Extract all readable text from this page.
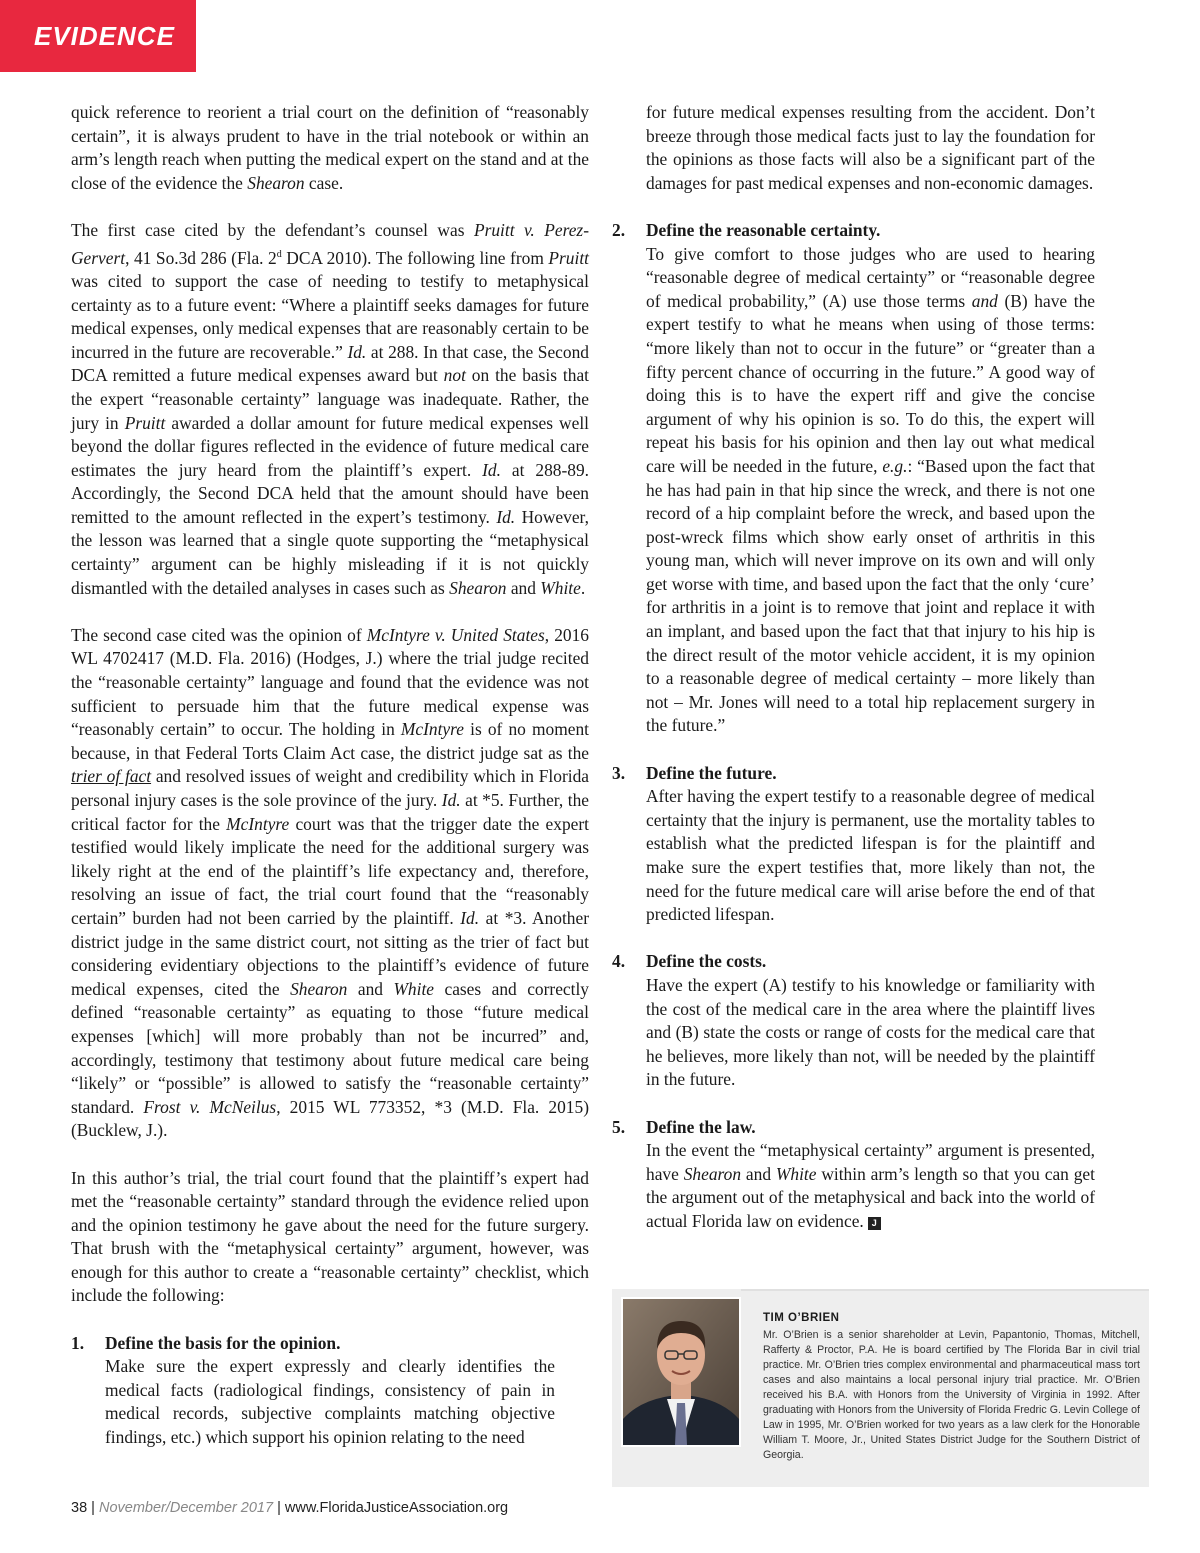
EVIDENCE

quick reference to reorient a trial court on the definition of “reasonably certain”, it is always prudent to have in the trial notebook or within an arm’s length reach when putting the medical expert on the stand and at the close of the evidence the Shearon case.

The first case cited by the defendant’s counsel was Pruitt v. Perez-Gervert, 41 So.3d 286 (Fla. 2$^d$ DCA 2010). The following line from Pruitt was cited to support the case of needing to testify to metaphysical certainty as to a future event: “Where a plaintiff seeks damages for future medical expenses, only medical expenses that are reasonably certain to be incurred in the future are recoverable.” Id. at 288. In that case, the Second DCA remitted a future medical expenses award but not on the basis that the expert “reasonable certainty” language was inadequate. Rather, the jury in Pruitt awarded a dollar amount for future medical expenses well beyond the dollar figures reflected in the evidence of future medical care estimates the jury heard from the plaintiff’s expert. Id. at 288-89. Accordingly, the Second DCA held that the amount should have been remitted to the amount reflected in the expert’s testimony. Id. However, the lesson was learned that a single quote supporting the “metaphysical certainty” argument can be highly misleading if it is not quickly dismantled with the detailed analyses in cases such as Shearon and White.

The second case cited was the opinion of McIntyre v. United States, 2016 WL 4702417 (M.D. Fla. 2016) (Hodges, J.) where the trial judge recited the “reasonable certainty” language and found that the evidence was not sufficient to persuade him that the future medical expense was “reasonably certain” to occur. The holding in McIntyre is of no moment because, in that Federal Torts Claim Act case, the district judge sat as the trier of fact and resolved issues of weight and credibility which in Florida personal injury cases is the sole province of the jury. Id. at *5. Further, the critical factor for the McIntyre court was that the trigger date the expert testified would likely implicate the need for the additional surgery was likely right at the end of the plaintiff’s life expectancy and, therefore, resolving an issue of fact, the trial court found that the “reasonably certain” burden had not been carried by the plaintiff. Id. at *3. Another district judge in the same district court, not sitting as the trier of fact but considering evidentiary objections to the plaintiff’s evidence of future medical expenses, cited the Shearon and White cases and correctly defined “reasonable certainty” as equating to those “future medical expenses [which] will more probably than not be incurred” and, accordingly, testimony that testimony about future medical care being “likely” or “possible” is allowed to satisfy the “reasonable certainty” standard. Frost v. McNeilus, 2015 WL 773352, *3 (M.D. Fla. 2015) (Bucklew, J.).

In this author’s trial, the trial court found that the plaintiff’s expert had met the “reasonable certainty” standard through the evidence relied upon and the opinion testimony he gave about the need for the future surgery. That brush with the “metaphysical certainty” argument, however, was enough for this author to create a “reasonable certainty” checklist, which include the following:

1.	Define the basis for the opinion.

Make sure the expert expressly and clearly identifies the medical facts (radiological findings, consistency of pain in medical records, subjective complaints matching objective findings, etc.) which support his opinion relating to the need

for future medical expenses resulting from the accident. Don’t breeze through those medical facts just to lay the foundation for the opinions as those facts will also be a significant part of the damages for past medical expenses and non-economic damages.

2.	Define the reasonable certainty.

To give comfort to those judges who are used to hearing “reasonable degree of medical certainty” or “reasonable degree of medical probability,” (A) use those terms and (B) have the expert testify to what he means when using of those terms: “more likely than not to occur in the future” or “greater than a fifty percent chance of occurring in the future.” A good way of doing this is to have the expert riff and give the concise argument of why his opinion is so. To do this, the expert will repeat his basis for his opinion and then lay out what medical care will be needed in the future, e.g.: “Based upon the fact that he has had pain in that hip since the wreck, and there is not one record of a hip complaint before the wreck, and based upon the post-wreck films which show early onset of arthritis in this young man, which will never improve on its own and will only get worse with time, and based upon the fact that the only ‘cure’ for arthritis in a joint is to remove that joint and replace it with an implant, and based upon the fact that that injury to his hip is the direct result of the motor vehicle accident, it is my opinion to a reasonable degree of medical certainty – more likely than not – Mr. Jones will need to a total hip replacement surgery in the future.”

3.	Define the future.

After having the expert testify to a reasonable degree of medical certainty that the injury is permanent, use the mortality tables to establish what the predicted lifespan is for the plaintiff and make sure the expert testifies that, more likely than not, the need for the future medical care will arise before the end of that predicted lifespan.

4.	Define the costs.

Have the expert (A) testify to his knowledge or familiarity with the cost of the medical care in the area where the plaintiff lives and (B) state the costs or range of costs for the medical care that he believes, more likely than not, will be needed by the plaintiff in the future.

5.	Define the law.

In the event the “metaphysical certainty” argument is presented, have Shearon and White within arm’s length so that you can get the argument out of the metaphysical and back into the world of actual Florida law on evidence. J

TIM O’BRIEN
Mr. O’Brien is a senior shareholder at Levin, Papantonio, Thomas, Mitchell, Rafferty & Proctor, P.A. He is board certified by The Florida Bar in civil trial practice. Mr. O’Brien tries complex environmental and pharmaceutical mass tort cases and also maintains a local personal injury trial practice. Mr. O’Brien received his B.A. with Honors from the University of Virginia in 1992. After graduating with Honors from the University of Florida Fredric G. Levin College of Law in 1995, Mr. O’Brien worked for two years as a law clerk for the Honorable William T. Moore, Jr., United States District Judge for the Southern District of Georgia.
38 | November/December 2017 | www.FloridaJusticeAssociation.org
